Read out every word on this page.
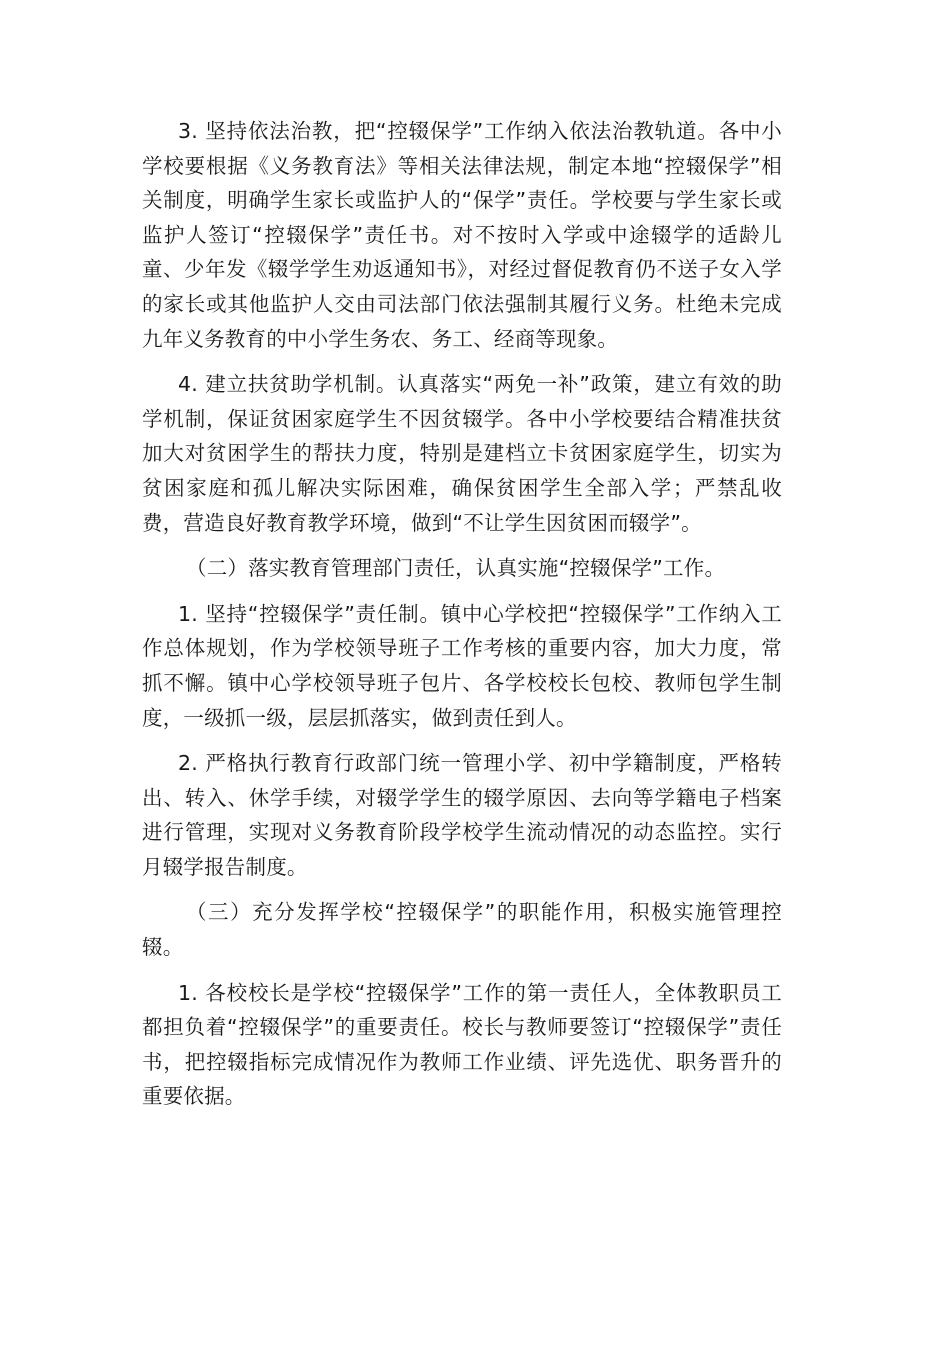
3. 坚持依法治教，把“控辍保学”工作纳入依法治教轨道。各中小学校要根据《义务教育法》等相关法律法规，制定本地“控辍保学”相关制度，明确学生家长或监护人的“保学”责任。学校要与学生家长或监护人签订“控辍保学”责任书。对不按时入学或中途辍学的适龄儿童、少年发《辍学学生劝返通知书》，对经过督促教育仍不送子女入学的家长或其他监护人交由司法部门依法强制其履行义务。杜绝未完成九年义务教育的中小学生务农、务工、经商等现象。

4. 建立扶贫助学机制。认真落实“两免一补”政策，建立有效的助学机制，保证贫困家庭学生不因贫辍学。各中小学校要结合精准扶贫加大对贫困学生的帮扶力度，特别是建档立卡贫困家庭学生，切实为贫困家庭和孤儿解决实际困难，确保贫困学生全部入学；严禁乱收费，营造良好教育教学环境，做到“不让学生因贫困而辍学”。

（二）落实教育管理部门责任，认真实施“控辍保学”工作。

1. 坚持“控辍保学”责任制。镇中心学校把“控辍保学”工作纳入工作总体规划，作为学校领导班子工作考核的重要内容，加大力度，常抓不懈。镇中心学校领导班子包片、各学校校长包校、教师包学生制度，一级抓一级，层层抓落实，做到责任到人。

2. 严格执行教育行政部门统一管理小学、初中学籍制度，严格转出、转入、休学手续，对辍学学生的辍学原因、去向等学籍电子档案进行管理，实现对义务教育阶段学校学生流动情况的动态监控。实行月辍学报告制度。

（三）充分发挥学校“控辍保学”的职能作用，积极实施管理控辍。

1. 各校校长是学校“控辍保学”工作的第一责任人，全体教职员工都担负着“控辍保学”的重要责任。校长与教师要签订“控辍保学”责任书，把控辍指标完成情况作为教师工作业绩、评先选优、职务晋升的重要依据。
